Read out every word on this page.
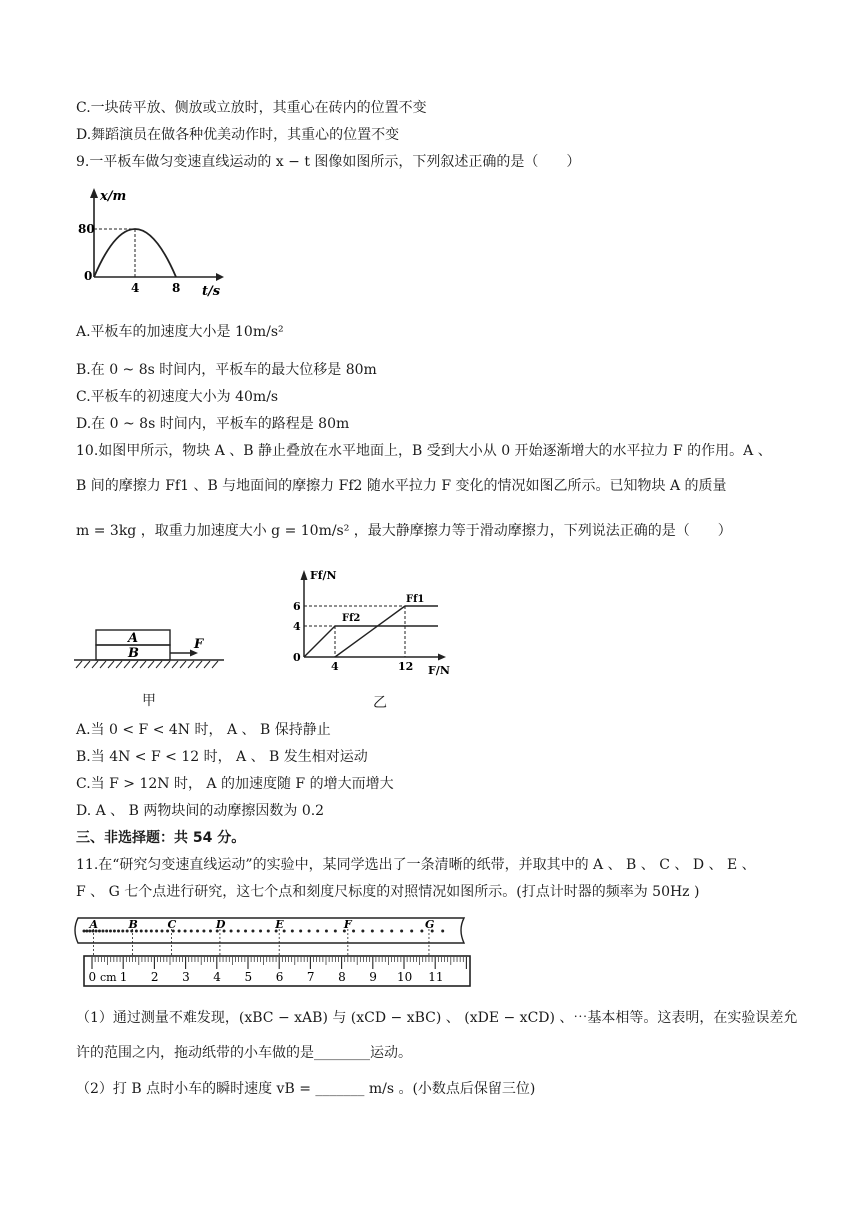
C.一块砖平放、侧放或立放时，其重心在砖内的位置不变
D.舞蹈演员在做各种优美动作时，其重心的位置不变
9.一平板车做匀变速直线运动的 x − t 图像如图所示，下列叙述正确的是（　　）
x/m
80
0
4	8 t/s
A.平板车的加速度大小是 10m/s²
B.在 0 ~ 8s 时间内，平板车的最大位移是 80m
C.平板车的初速度大小为 40m/s
D.在 0 ~ 8s 时间内，平板车的路程是 80m
10.如图甲所示，物块 A 、B 静止叠放在水平地面上，B 受到大小从 0 开始逐渐增大的水平拉力 F 的作用。A 、
B 间的摩擦力 Ff1 、B 与地面间的摩擦力 Ff2 随水平拉力 F 变化的情况如图乙所示。已知物块 A 的质量
m = 3kg ，取重力加速度大小 g = 10m/s² ，最大静摩擦力等于滑动摩擦力，下列说法正确的是（　　）
A
B
F
甲
Ff/N
6
4
0
4	12 F/N
Ff1
Ff2
乙
A.当 0 < F < 4N 时， A 、 B 保持静止
B.当 4N < F < 12 时， A 、 B 发生相对运动
C.当 F > 12N 时， A 的加速度随 F 的增大而增大
D. A 、 B 两物块间的动摩擦因数为 0.2
三、非选择题：共 54 分。
11.在“研究匀变速直线运动”的实验中，某同学选出了一条清晰的纸带，并取其中的 A 、 B 、 C 、 D 、 E 、
F 、 G 七个点进行研究，这七个点和刻度尺标度的对照情况如图所示。(打点计时器的频率为 50Hz )
A	B	C	D	E	F	G
0 1 2 3 4 5 6 7 8 9 10 11
cm
（1）通过测量不难发现，(xBC − xAB) 与 (xCD − xBC) 、 (xDE − xCD) 、⋯基本相等。这表明，在实验误差允
许的范围之内，拖动纸带的小车做的是________运动。
（2）打 B 点时小车的瞬时速度 vB = _______ m/s 。(小数点后保留三位)
